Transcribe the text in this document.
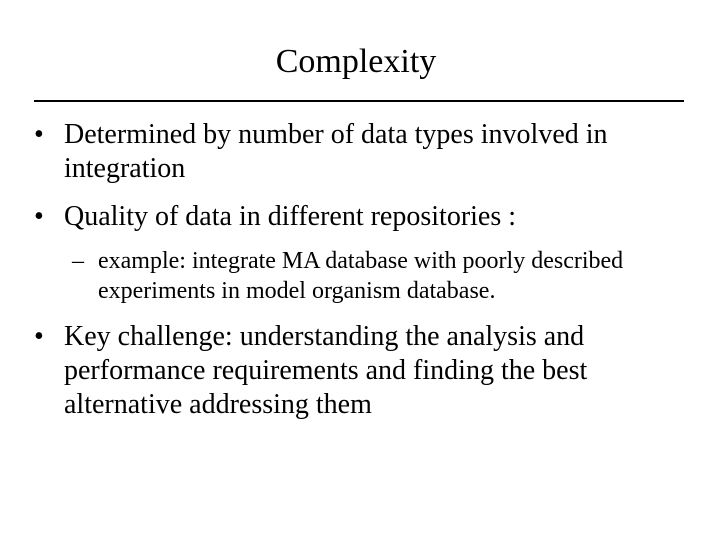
Complexity
• Determined by number of data types involved in integration
• Quality of data in different repositories :
– example: integrate MA database with poorly described experiments in model organism database.
• Key challenge: understanding the analysis and performance requirements and finding the best alternative addressing them
